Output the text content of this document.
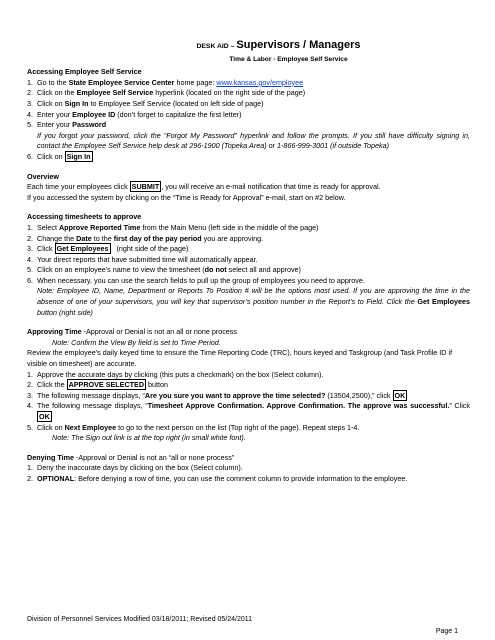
DESK AID – Supervisors / Managers
Time & Labor - Employee Self Service
Accessing Employee Self Service
1. Go to the State Employee Service Center home page: www.kansas.gov/employee
2. Click on the Employee Self Service hyperlink (located on the right side of the page)
3. Click on Sign In to Employee Self Service (located on left side of page)
4. Enter your Employee ID (don’t forget to capitalize the first letter)
5. Enter your Password
If you forgot your password, click the “Forgot My Password” hyperlink and follow the prompts. If you still have difficulty signing in, contact the Employee Self Service help desk at 296-1900 (Topeka Area) or 1-866-999-3001 (if outside Topeka)
6. Click on Sign In
Overview
Each time your employees click SUBMIT , you will receive an e-mail notification that time is ready for approval.
If you accessed the system by clicking on the “Time is Ready for Approval” e-mail, start on #2 below.
Accessing timesheets to approve
1. Select Approve Reported Time from the Main Menu (left side in the middle of the page)
2. Change the Date to the first day of the pay period you are approving.
3. Click Get Employees   (right side of the page)
4. Your direct reports that have submitted time will automatically appear.
5. Click on an employee’s name to view the timesheet (do not select all and approve)
6. When necessary, you can use the search fields to pull up the group of employees you need to approve.
Note: Employee ID, Name, Department or Reports To Position # will be the options most used. If you are approving the time in the absence of one of your supervisors, you will key that supervisor’s position number in the Report’s to Field. Click the Get Employees button (right side)
Approving Time -Approval or Denial is not an all or none process
Note: Confirm the View By field is set to Time Period.
Review the employee’s daily keyed time to ensure the Time Reporting Code (TRC), hours keyed and Taskgroup (and Task Profile ID if visible on timesheet) are accurate.
1. Approve the accurate days by clicking (this puts a checkmark) on the box (Select column).
2. Click the APPROVE SELECTED button
3. The following message displays, “Are you sure you want to approve the time selected? (13504,2500),” click OK
4. The following message displays, “Timesheet Approve Confirmation. Approve Confirmation. The approve was successful.” Click OK
5. Click on Next Employee to go to the next person on the list (Top right of the page). Repeat steps 1-4.
Note: The Sign out link is at the top right (in small white font).
Denying Time -Approval or Denial is not an “all or none process”
1. Deny the inaccurate days by clicking on the box (Select column).
2. OPTIONAL: Before denying a row of time, you can use the comment column to provide information to the employee.
Division of Personnel Services Modified 03/18/2011; Revised 05/24/2011
Page 1
